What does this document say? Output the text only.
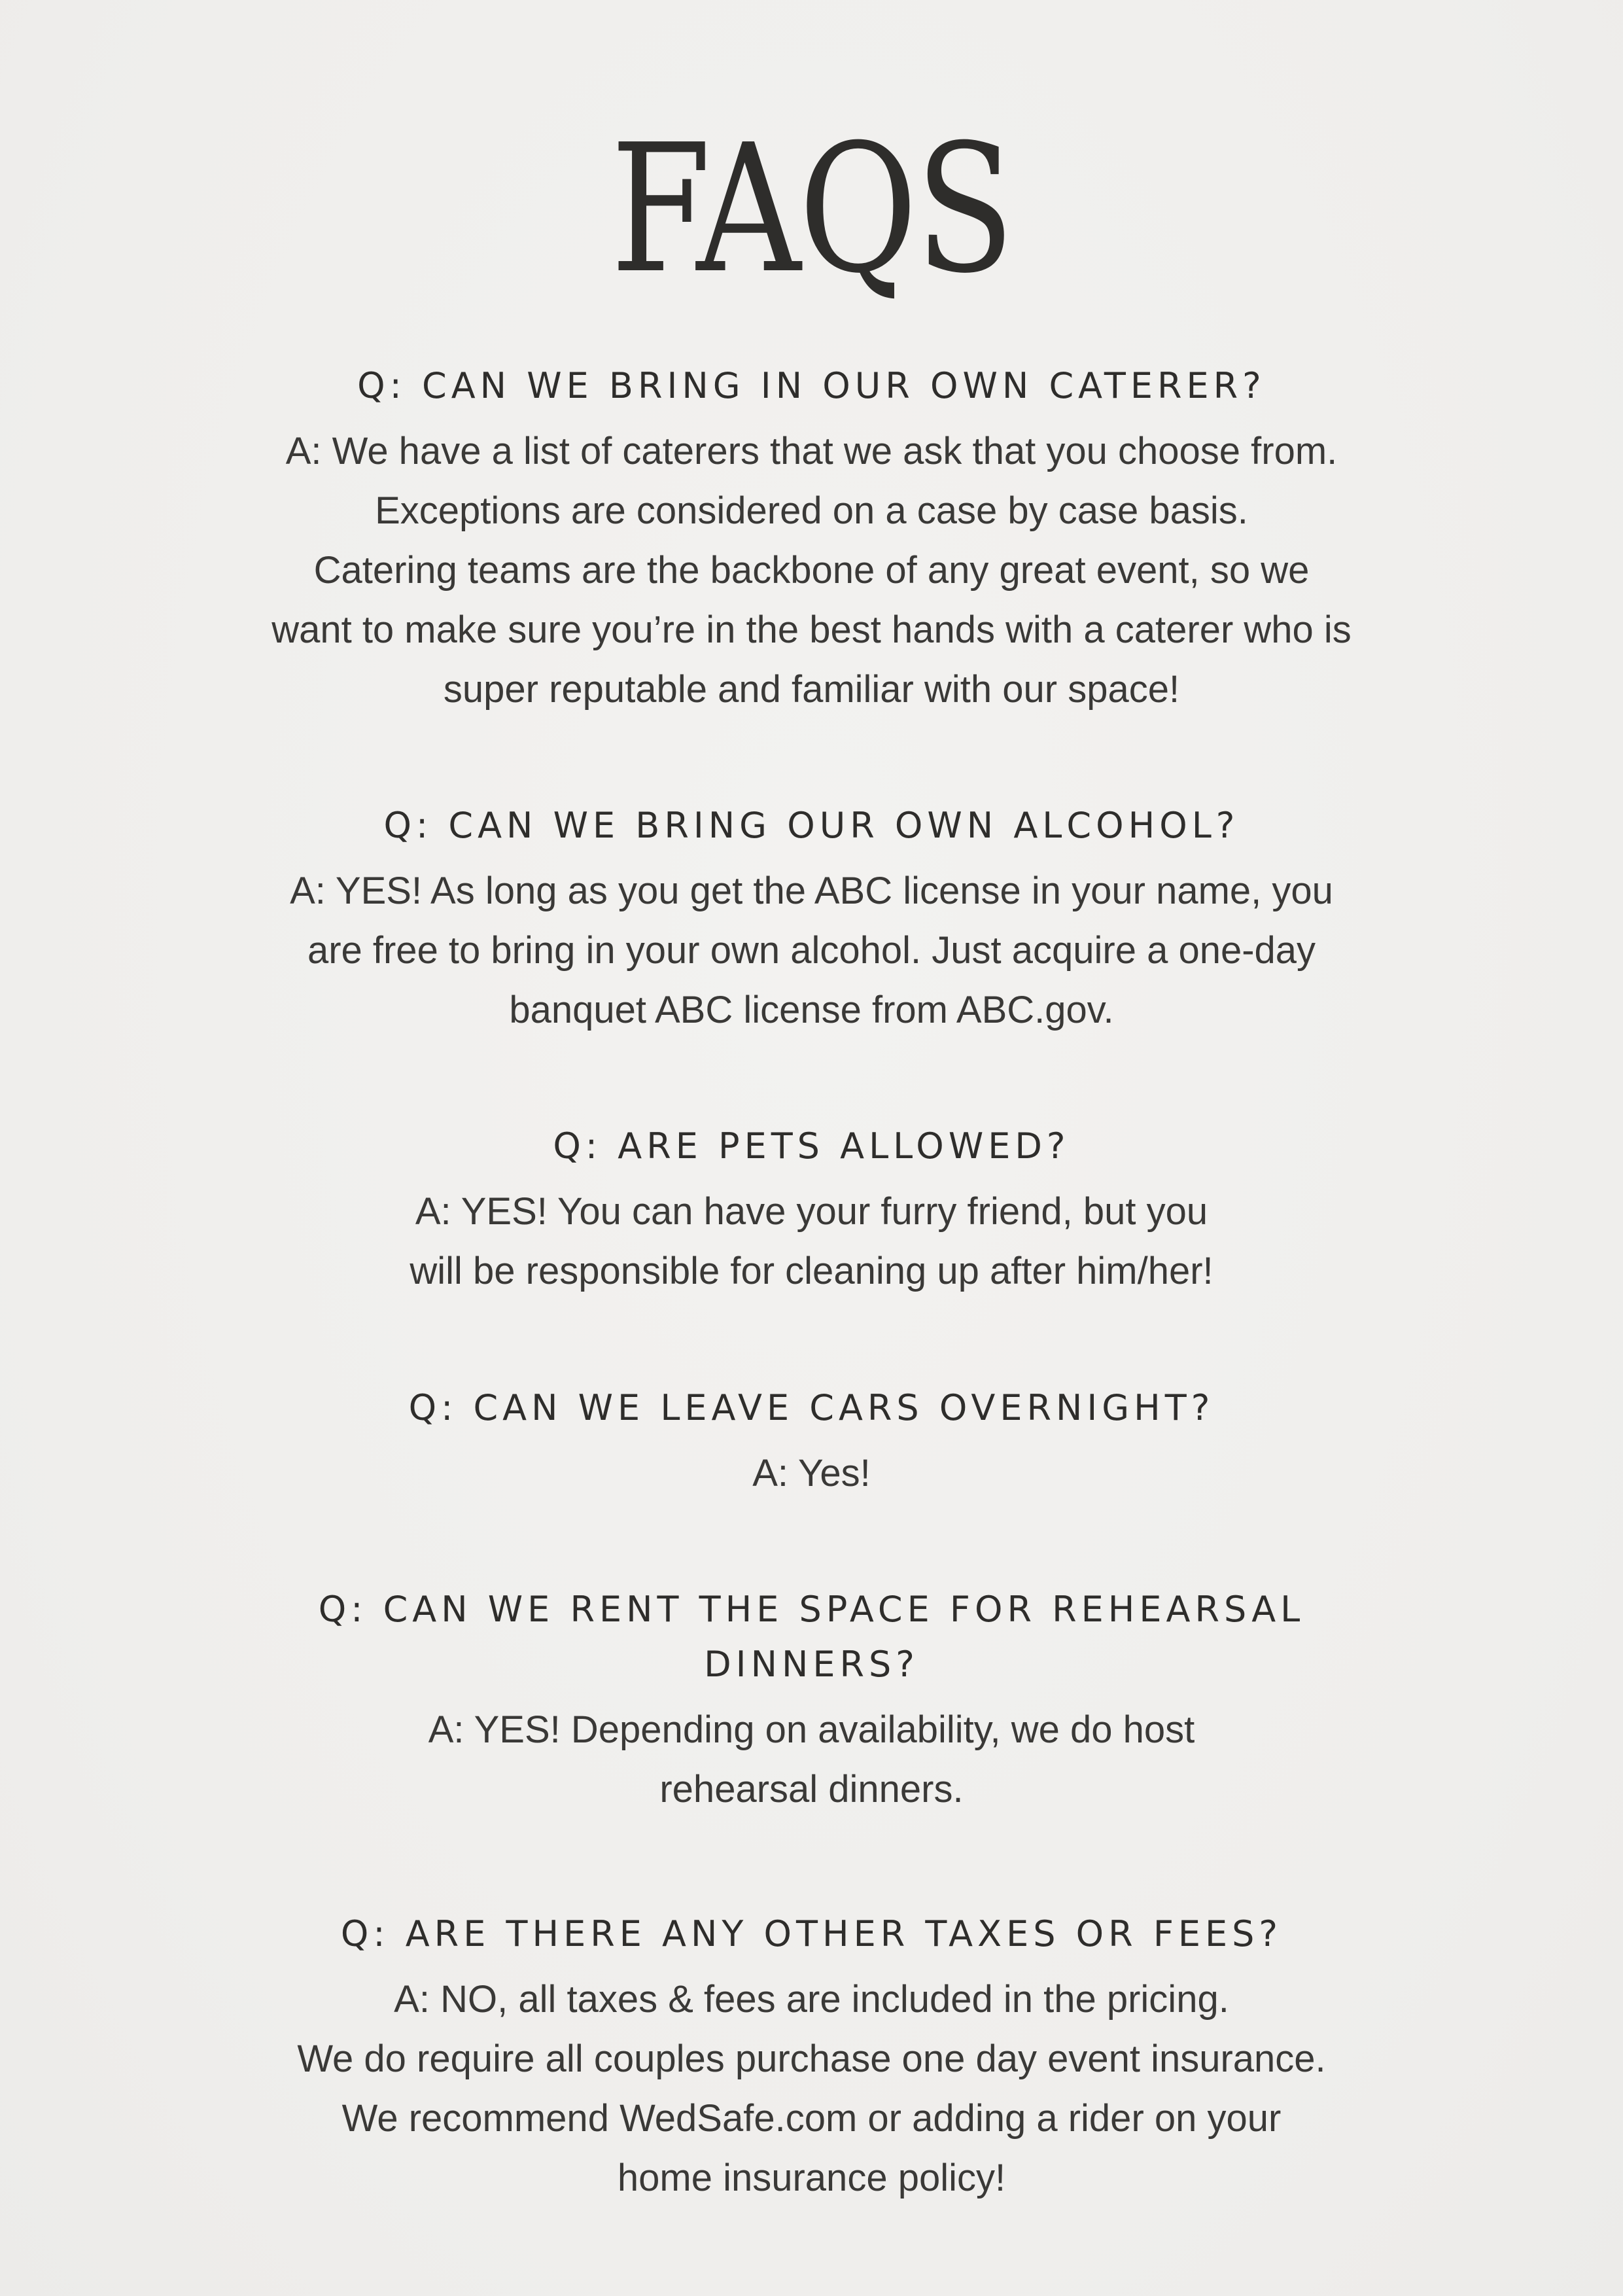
FAQS
Q: CAN WE BRING IN OUR OWN CATERER?
A: We have a list of caterers that we ask that you choose from.
Exceptions are considered on a case by case basis.
Catering teams are the backbone of any great event, so we
want to make sure you’re in the best hands with a caterer who is
super reputable and familiar with our space!
Q: CAN WE BRING OUR OWN ALCOHOL?
A: YES! As long as you get the ABC license in your name, you
are free to bring in your own alcohol. Just acquire a one-day
banquet ABC license from ABC.gov.
Q: ARE PETS ALLOWED?
A: YES! You can have your furry friend, but you
will be responsible for cleaning up after him/her!
Q: CAN WE LEAVE CARS OVERNIGHT?
A: Yes!
Q: CAN WE RENT THE SPACE FOR REHEARSAL
DINNERS?
A: YES! Depending on availability, we do host
rehearsal dinners.
Q: ARE THERE ANY OTHER TAXES OR FEES?
A: NO, all taxes & fees are included in the pricing.
We do require all couples purchase one day event insurance.
We recommend WedSafe.com or adding a rider on your
home insurance policy!
